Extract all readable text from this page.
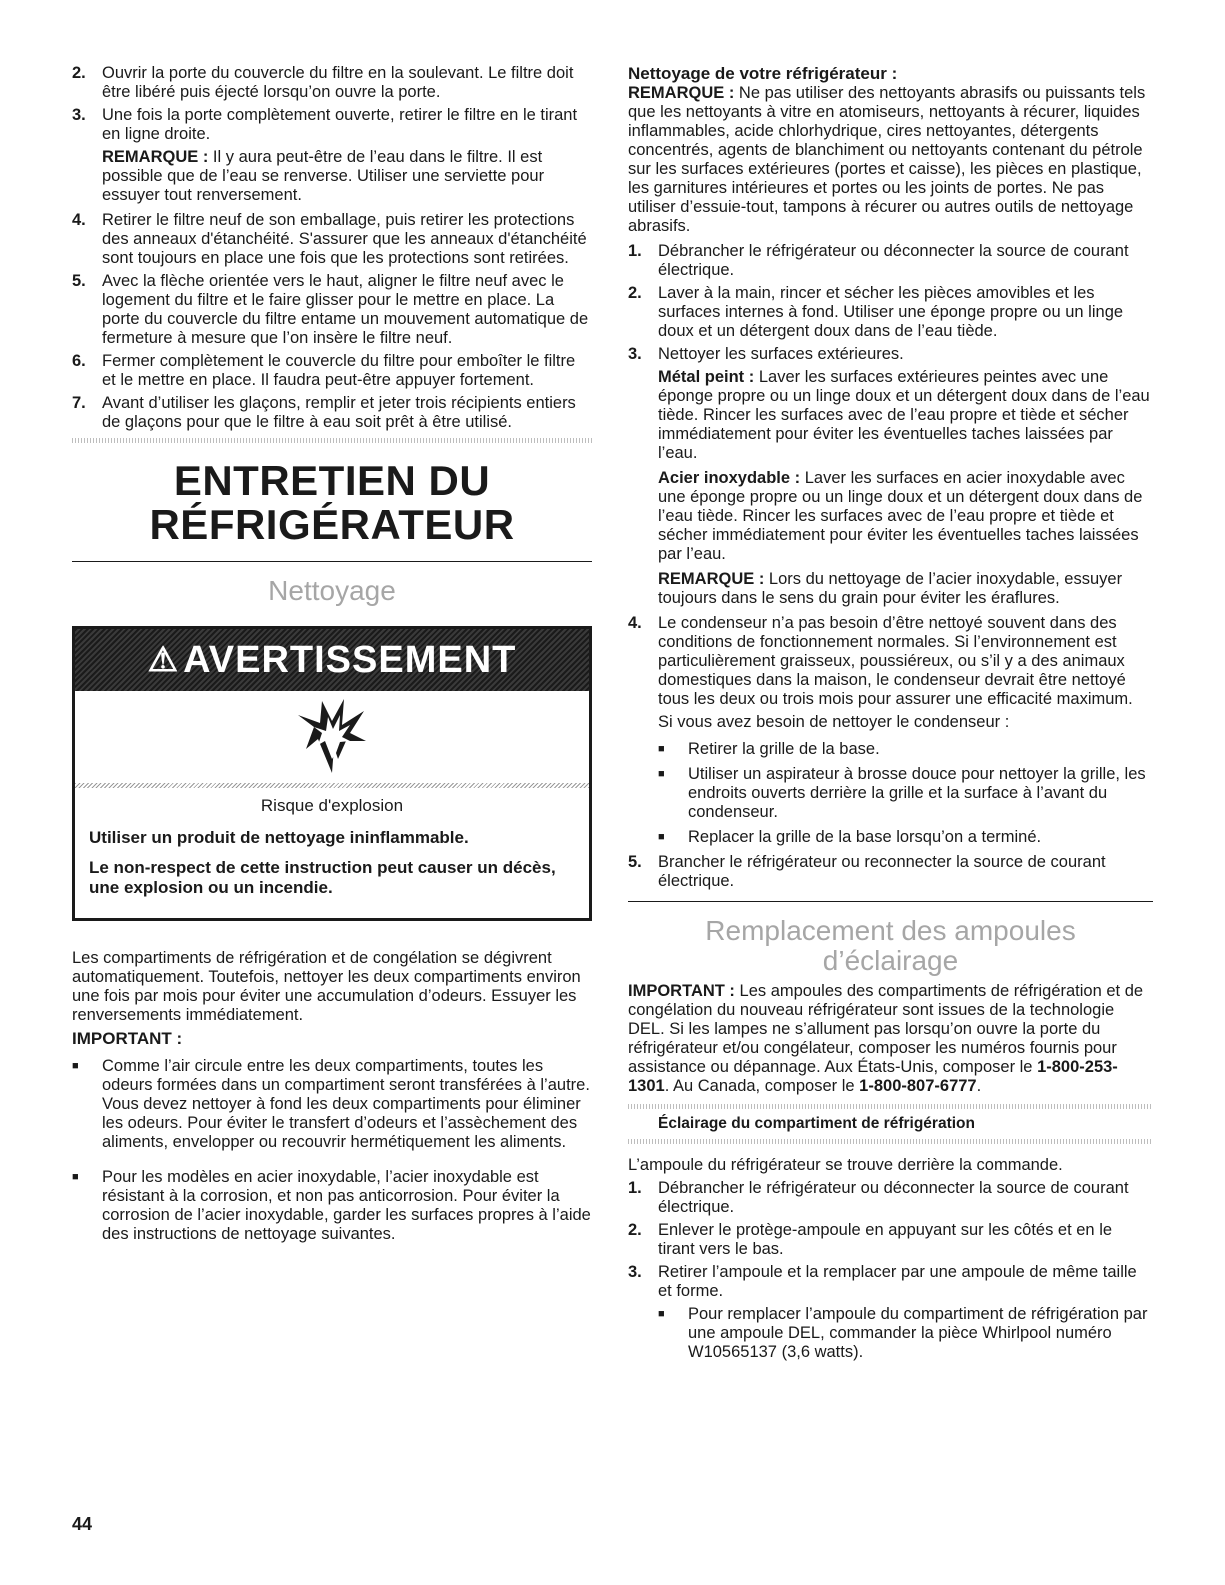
2. Ouvrir la porte du couvercle du filtre en la soulevant. Le filtre doit être libéré puis éjecté lorsqu’on ouvre la porte.
3. Une fois la porte complètement ouverte, retirer le filtre en le tirant en ligne droite.

REMARQUE : Il y aura peut-être de l’eau dans le filtre. Il est possible que de l’eau se renverse. Utiliser une serviette pour essuyer tout renversement.

4. Retirer le filtre neuf de son emballage, puis retirer les protections des anneaux d'étanchéité. S'assurer que les anneaux d'étanchéité sont toujours en place une fois que les protections sont retirées.
5. Avec la flèche orientée vers le haut, aligner le filtre neuf avec le logement du filtre et le faire glisser pour le mettre en place. La porte du couvercle du filtre entame un mouvement automatique de fermeture à mesure que l’on insère le filtre neuf.
6. Fermer complètement le couvercle du filtre pour emboîter le filtre et le mettre en place. Il faudra peut-être appuyer fortement.
7. Avant d’utiliser les glaçons, remplir et jeter trois récipients entiers de glaçons pour que le filtre à eau soit prêt à être utilisé.
ENTRETIEN DU
RÉFRIGÉRATEUR
Nettoyage
⚠ AVERTISSEMENT
Risque d'explosion
Utiliser un produit de nettoyage ininflammable.
Le non-respect de cette instruction peut causer un décès, une explosion ou un incendie.

Les compartiments de réfrigération et de congélation se dégivrent automatiquement. Toutefois, nettoyer les deux compartiments environ une fois par mois pour éviter une accumulation d’odeurs. Essuyer les renversements immédiatement.

IMPORTANT :
■	Comme l’air circule entre les deux compartiments, toutes les odeurs formées dans un compartiment seront transférées à l’autre. Vous devez nettoyer à fond les deux compartiments pour éliminer les odeurs. Pour éviter le transfert d’odeurs et l’assèchement des aliments, envelopper ou recouvrir hermétiquement les aliments.
■	Pour les modèles en acier inoxydable, l’acier inoxydable est résistant à la corrosion, et non pas anticorrosion. Pour éviter la corrosion de l’acier inoxydable, garder les surfaces propres à l’aide des instructions de nettoyage suivantes.
Nettoyage de votre réfrigérateur :

REMARQUE : Ne pas utiliser des nettoyants abrasifs ou puissants tels que les nettoyants à vitre en atomiseurs, nettoyants à récurer, liquides inflammables, acide chlorhydrique, cires nettoyantes, détergents concentrés, agents de blanchiment ou nettoyants contenant du pétrole sur les surfaces extérieures (portes et caisse), les pièces en plastique, les garnitures intérieures et portes ou les joints de portes. Ne pas utiliser d’essuie-tout, tampons à récurer ou autres outils de nettoyage abrasifs.

1. Débrancher le réfrigérateur ou déconnecter la source de courant électrique.
2. Laver à la main, rincer et sécher les pièces amovibles et les surfaces internes à fond. Utiliser une éponge propre ou un linge doux et un détergent doux dans de l’eau tiède.
3. Nettoyer les surfaces extérieures.

Métal peint : Laver les surfaces extérieures peintes avec une éponge propre ou un linge doux et un détergent doux dans de l’eau tiède. Rincer les surfaces avec de l’eau propre et tiède et sécher immédiatement pour éviter les éventuelles taches laissées par l’eau.

Acier inoxydable : Laver les surfaces en acier inoxydable avec une éponge propre ou un linge doux et un détergent doux dans de l’eau tiède. Rincer les surfaces avec de l’eau propre et tiède et sécher immédiatement pour éviter les éventuelles taches laissées par l’eau.

REMARQUE : Lors du nettoyage de l’acier inoxydable, essuyer toujours dans le sens du grain pour éviter les éraflures.

4. Le condenseur n’a pas besoin d’être nettoyé souvent dans des conditions de fonctionnement normales. Si l’environnement est particulièrement graisseux, poussiéreux, ou s’il y a des animaux domestiques dans la maison, le condenseur devrait être nettoyé tous les deux ou trois mois pour assurer une efficacité maximum.

Si vous avez besoin de nettoyer le condenseur :

■	Retirer la grille de la base.
■	Utiliser un aspirateur à brosse douce pour nettoyer la grille, les endroits ouverts derrière la grille et la surface à l’avant du condenseur.
■	Replacer la grille de la base lorsqu’on a terminé.
5. Brancher le réfrigérateur ou reconnecter la source de courant électrique.
Remplacement des ampoules
d’éclairage

IMPORTANT : Les ampoules des compartiments de réfrigération et de congélation du nouveau réfrigérateur sont issues de la technologie DEL. Si les lampes ne s’allument pas lorsqu’on ouvre la porte du réfrigérateur et/ou congélateur, composer les numéros fournis pour assistance ou dépannage. Aux États-Unis, composer le 1-800-253-1301. Au Canada, composer le 1-800-807-6777.

Éclairage du compartiment de réfrigération

L’ampoule du réfrigérateur se trouve derrière la commande.

1. Débrancher le réfrigérateur ou déconnecter la source de courant électrique.
2. Enlever le protège-ampoule en appuyant sur les côtés et en le tirant vers le bas.
3. Retirer l’ampoule et la remplacer par une ampoule de même taille et forme.
■	Pour remplacer l’ampoule du compartiment de réfrigération par une ampoule DEL, commander la pièce Whirlpool numéro W10565137 (3,6 watts).
44
